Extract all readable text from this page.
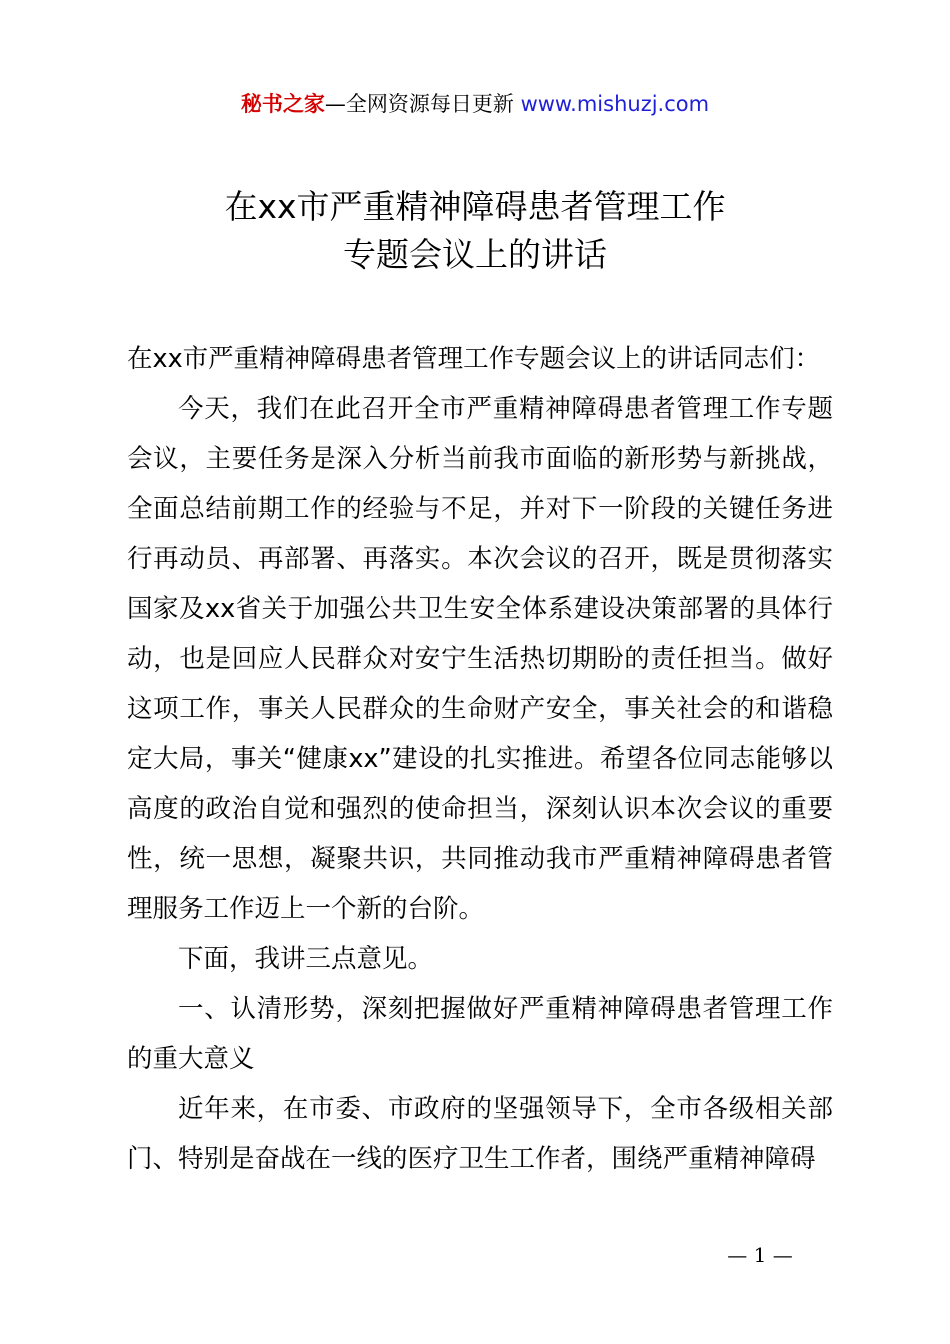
秘书之家—全网资源每日更新 www.mishuzj.com
在xx市严重精神障碍患者管理工作
专题会议上的讲话

在xx市严重精神障碍患者管理工作专题会议上的讲话同志们：

今天，我们在此召开全市严重精神障碍患者管理工作专题会议，主要任务是深入分析当前我市面临的新形势与新挑战，全面总结前期工作的经验与不足，并对下一阶段的关键任务进行再动员、再部署、再落实。本次会议的召开，既是贯彻落实国家及xx省关于加强公共卫生安全体系建设决策部署的具体行动，也是回应人民群众对安宁生活热切期盼的责任担当。做好这项工作，事关人民群众的生命财产安全，事关社会的和谐稳定大局，事关“健康xx”建设的扎实推进。希望各位同志能够以高度的政治自觉和强烈的使命担当，深刻认识本次会议的重要性，统一思想，凝聚共识，共同推动我市严重精神障碍患者管理服务工作迈上一个新的台阶。

下面，我讲三点意见。

一、认清形势，深刻把握做好严重精神障碍患者管理工作的重大意义

近年来，在市委、市政府的坚强领导下，全市各级相关部门、特别是奋战在一线的医疗卫生工作者，围绕严重精神障碍

— 1 —
